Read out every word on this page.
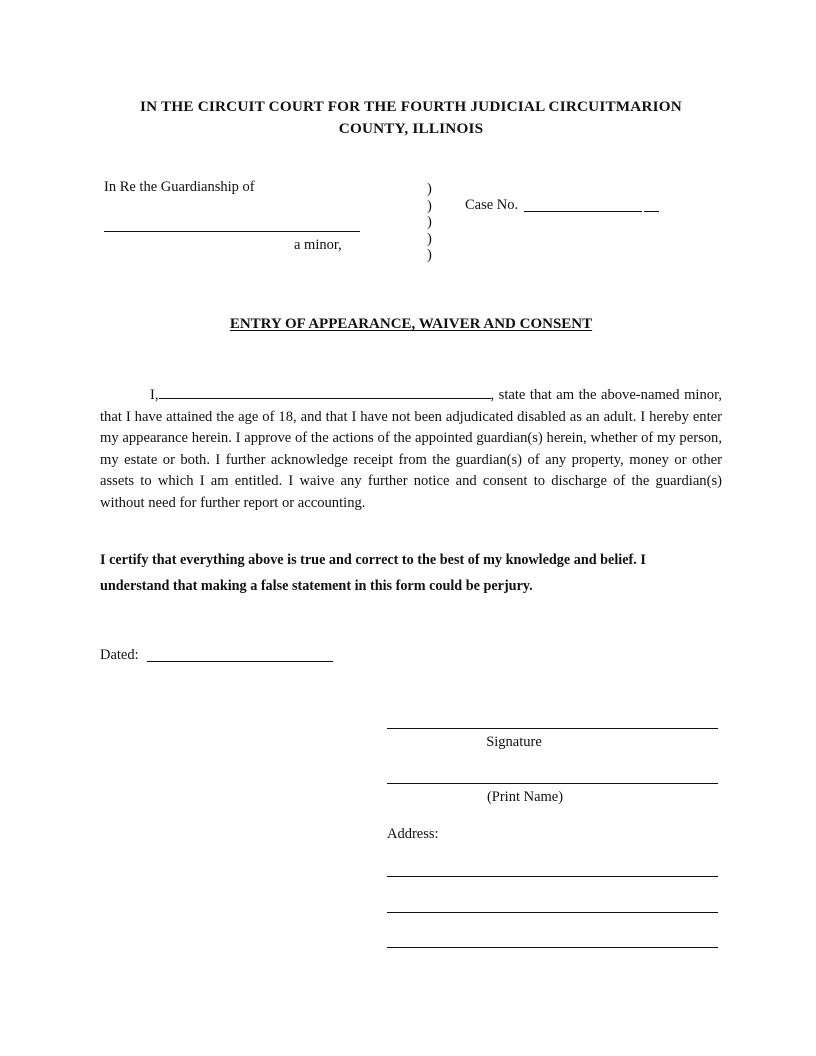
IN THE CIRCUIT COURT FOR THE FOURTH JUDICIAL CIRCUITMARION
COUNTY, ILLINOIS
In Re the Guardianship of
a minor,
)
)
)
)
)
Case No.
ENTRY OF APPEARANCE, WAIVER AND CONSENT
I,	, state that am the above-named minor, that I have attained the age of 18, and that I have not been adjudicated disabled as an adult. I hereby enter my appearance herein. I approve of the actions of the appointed guardian(s) herein, whether of my person, my estate or both. I further acknowledge receipt from the guardian(s) of any property, money or other assets to which I am entitled. I waive any further notice and consent to discharge of the guardian(s) without need for further report or accounting.
I certify that everything above is true and correct to the best of my knowledge and belief. I
understand that making a false statement in this form could be perjury.
Dated:
Signature
(Print Name)
Address:
